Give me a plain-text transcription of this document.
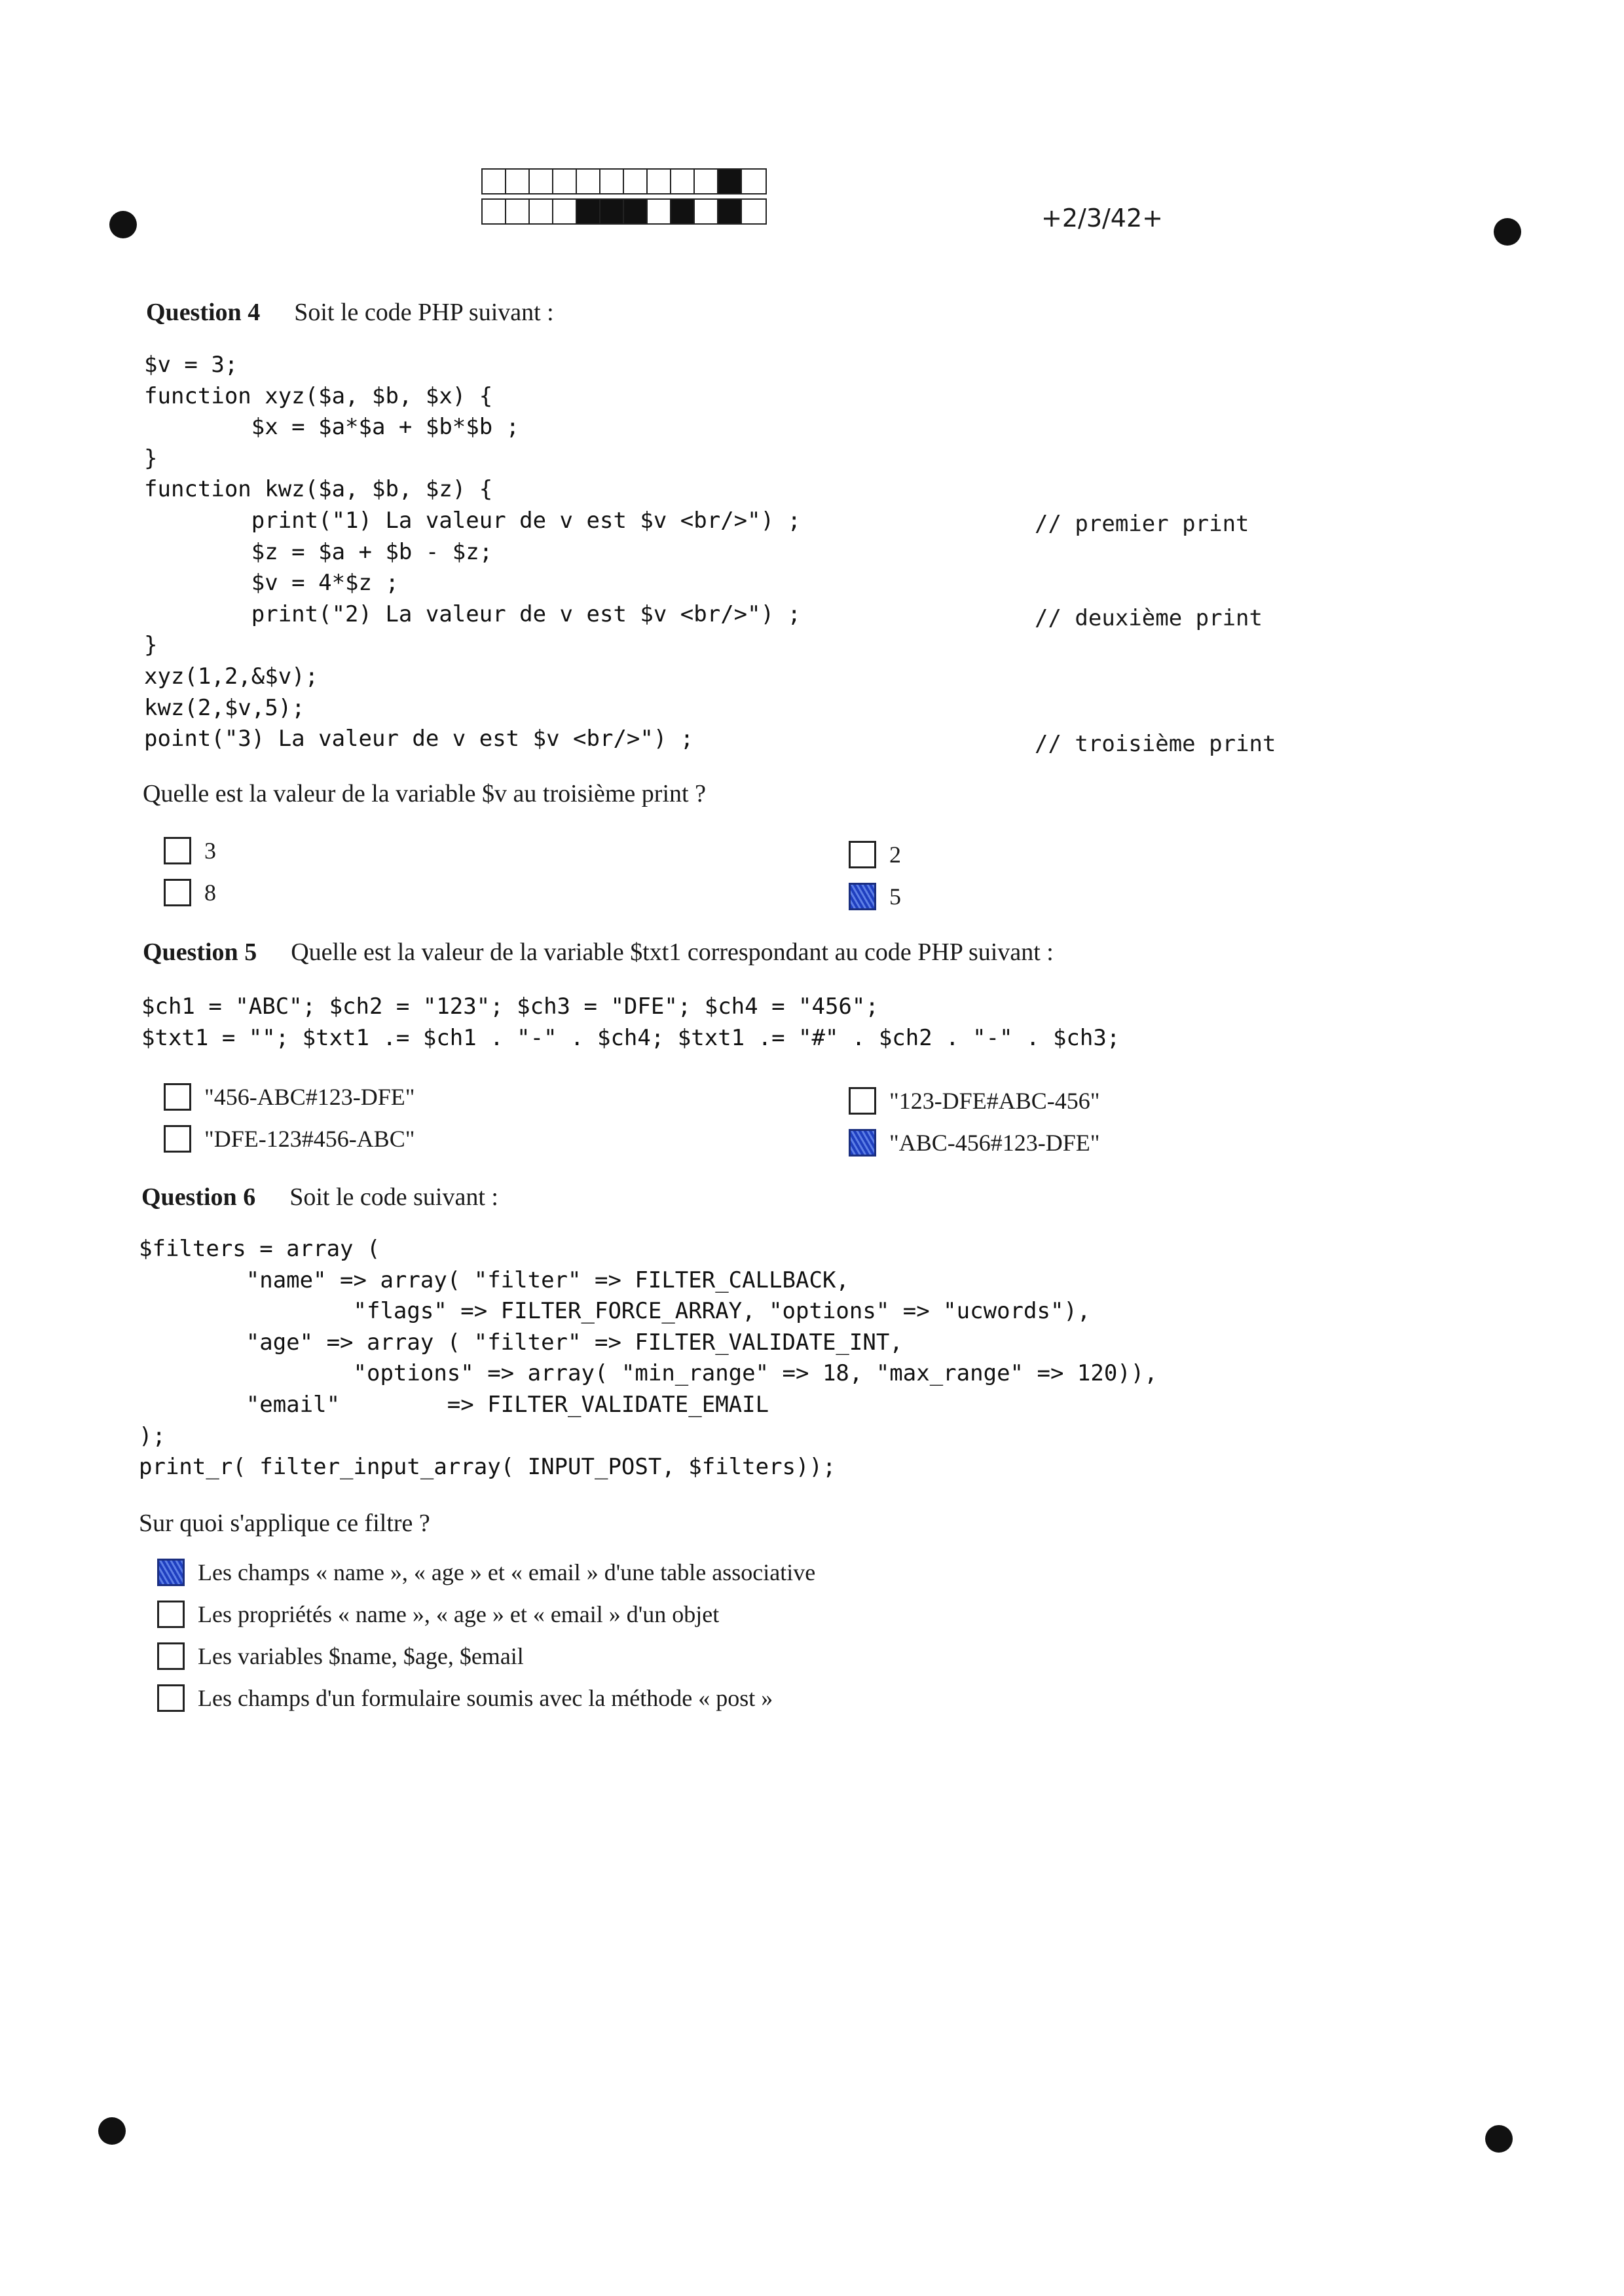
+2/3/42+
Question 4 Soit le code PHP suivant :
$v = 3;
function xyz($a, $b, $x) {
$x = $a*$a + $b*$b ;
}
function kwz($a, $b, $z) {
print("1) La valeur de v est $v <br/>") ;
$z = $a + $b - $z;
$v = 4*$z ;
print("2) La valeur de v est $v <br/>") ;
}
xyz(1,2,&$v);
kwz(2,$v,5);
point("3) La valeur de v est $v <br/>") ;
// premier print
// deuxième print
// troisième print
Quelle est la valeur de la variable $v au troisième print ?
3	2
8	5
Question 5 Quelle est la valeur de la variable $txt1 correspondant au code PHP suivant :
$ch1 = "ABC"; $ch2 = "123"; $ch3 = "DFE"; $ch4 = "456";
$txt1 = ""; $txt1 .= $ch1 . "-" . $ch4; $txt1 .= "#" . $ch2 . "-" . $ch3;
"456-ABC#123-DFE"	"123-DFE#ABC-456"
"DFE-123#456-ABC"	"ABC-456#123-DFE"
Question 6 Soit le code suivant :
$filters = array (
"name" => array( "filter" => FILTER_CALLBACK,
"flags" => FILTER_FORCE_ARRAY, "options" => "ucwords"),
"age" => array ( "filter" => FILTER_VALIDATE_INT,
"options" => array( "min_range" => 18, "max_range" => 120)),
"email"        => FILTER_VALIDATE_EMAIL
);
print_r( filter_input_array( INPUT_POST, $filters));
Sur quoi s'applique ce filtre ?
Les champs « name », « age » et « email » d'une table associative
Les propriétés « name », « age » et « email » d'un objet
Les variables $name, $age, $email
Les champs d'un formulaire soumis avec la méthode « post »
